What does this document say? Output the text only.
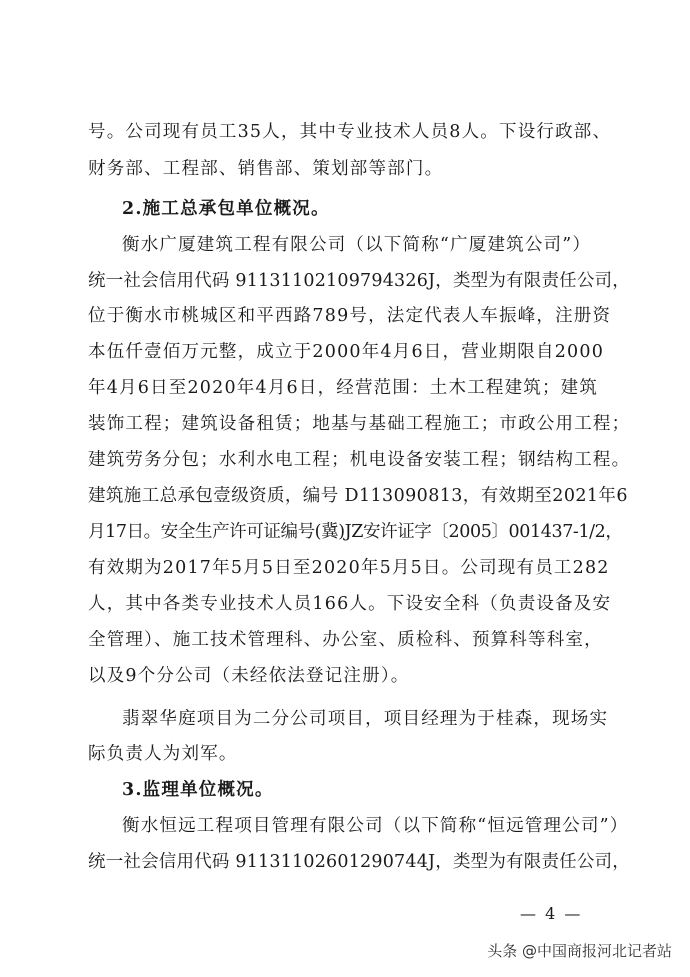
号。公司现有员工35人，其中专业技术人员8人。下设行政部、
财务部、工程部、销售部、策划部等部门。
2.施工总承包单位概况。
衡水广厦建筑工程有限公司（以下简称“广厦建筑公司”）
统一社会信用代码 91131102109794326J，类型为有限责任公司，
位于衡水市桃城区和平西路789号，法定代表人车振峰，注册资
本伍仟壹佰万元整，成立于2000年4月6日，营业期限自2000
年4月6日至2020年4月6日，经营范围：土木工程建筑；建筑
装饰工程；建筑设备租赁；地基与基础工程施工；市政公用工程；
建筑劳务分包；水利水电工程；机电设备安装工程；钢结构工程。
建筑施工总承包壹级资质，编号 D113090813，有效期至2021年6
月17日。安全生产许可证编号(冀)JZ安许证字〔2005〕001437-1/2，
有效期为2017年5月5日至2020年5月5日。公司现有员工282
人，其中各类专业技术人员166人。下设安全科（负责设备及安
全管理）、施工技术管理科、办公室、质检科、预算科等科室，
以及9个分公司（未经依法登记注册）。
翡翠华庭项目为二分公司项目，项目经理为于桂森，现场实
际负责人为刘军。
3.监理单位概况。
衡水恒远工程项目管理有限公司（以下简称“恒远管理公司”）
统一社会信用代码 91131102601290744J，类型为有限责任公司，
— 4 —
头条 @中国商报河北记者站
